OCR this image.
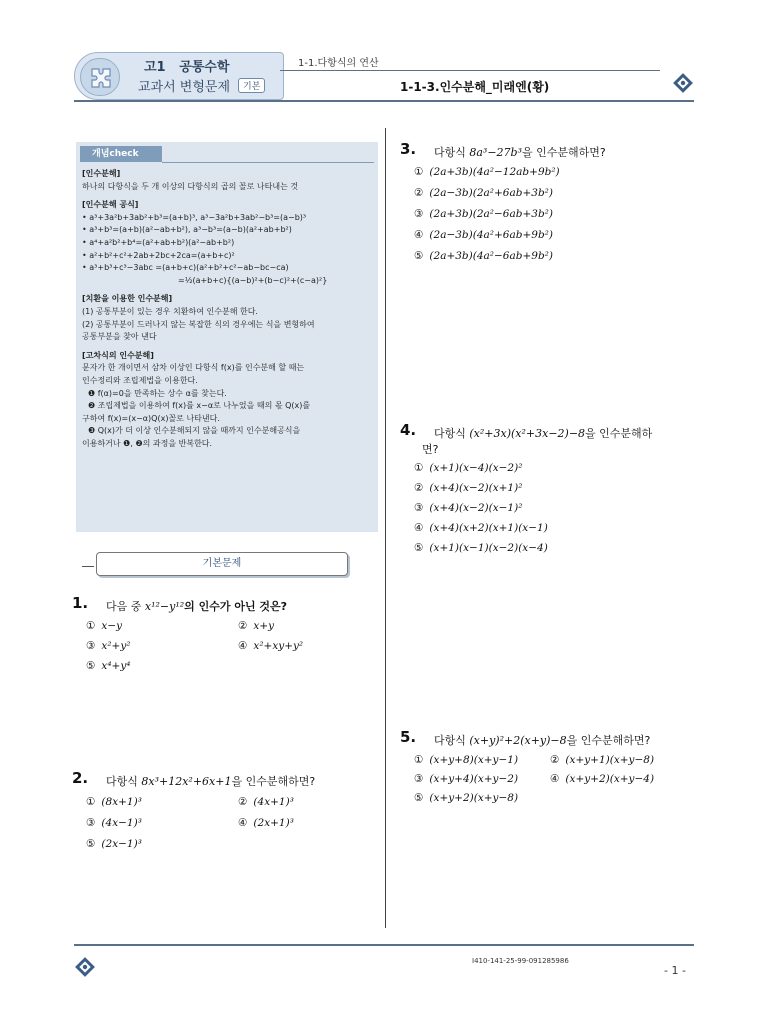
고1 공통수학
교과서 변형문제	기본
1-1.다항식의 연산
1-1-3.인수분해_미래엔(황)
개념check
[인수분해]
하나의 다항식을 두 개 이상의 다항식의 곱의 꼴로 나타내는 것
[인수분해 공식]
• a³+3a²b+3ab²+b³=(a+b)³, a³−3a²b+3ab²−b³=(a−b)³
• a³+b³=(a+b)(a²−ab+b²), a³−b³=(a−b)(a²+ab+b²)
• a⁴+a²b²+b⁴=(a²+ab+b²)(a²−ab+b²)
• a²+b²+c²+2ab+2bc+2ca=(a+b+c)²
• a³+b³+c³−3abc =(a+b+c)(a²+b²+c²−ab−bc−ca)
=½(a+b+c){(a−b)²+(b−c)²+(c−a)²}
[치환을 이용한 인수분해]
(1) 공통부분이 있는 경우 치환하여 인수분해 한다.
(2) 공통부분이 드러나지 않는 복잡한 식의 경우에는 식을 변형하여
공통부분을 찾아 낸다
[고차식의 인수분해]
문자가 한 개이면서 삼차 이상인 다항식 f(x)를 인수분해 할 때는
인수정리와 조립제법을 이용한다.
❶ f(α)=0을 만족하는 상수 α를 찾는다.
❷ 조립제법을 이용하여 f(x)를 x−α로 나누었을 때의 몫 Q(x)를
구하여 f(x)=(x−α)Q(x)꼴로 나타낸다.
❸ Q(x)가 더 이상 인수분해되지 않을 때까지 인수분해공식을
이용하거나 ❶, ❷의 과정을 반복한다.
기본문제
1. 다음 중 x¹²−y¹²의 인수가 아닌 것은?
① x−y	② x+y
③ x²+y²	④ x²+xy+y²
⑤ x⁴+y⁴
2. 다항식 8x³+12x²+6x+1을 인수분해하면?
① (8x+1)³	② (4x+1)³
③ (4x−1)³	④ (2x+1)³
⑤ (2x−1)³
3. 다항식 8a³−27b³을 인수분해하면?
① (2a+3b)(4a²−12ab+9b²)
② (2a−3b)(2a²+6ab+3b²)
③ (2a+3b)(2a²−6ab+3b²)
④ (2a−3b)(4a²+6ab+9b²)
⑤ (2a+3b)(4a²−6ab+9b²)
4. 다항식 (x²+3x)(x²+3x−2)−8을 인수분해하
면?
① (x+1)(x−4)(x−2)²
② (x+4)(x−2)(x+1)²
③ (x+4)(x−2)(x−1)²
④ (x+4)(x+2)(x+1)(x−1)
⑤ (x+1)(x−1)(x−2)(x−4)
5. 다항식 (x+y)²+2(x+y)−8을 인수분해하면?
① (x+y+8)(x+y−1)	② (x+y+1)(x+y−8)
③ (x+y+4)(x+y−2)	④ (x+y+2)(x+y−4)
⑤ (x+y+2)(x+y−8)
I410-141-25-99-091285986
- 1 -
